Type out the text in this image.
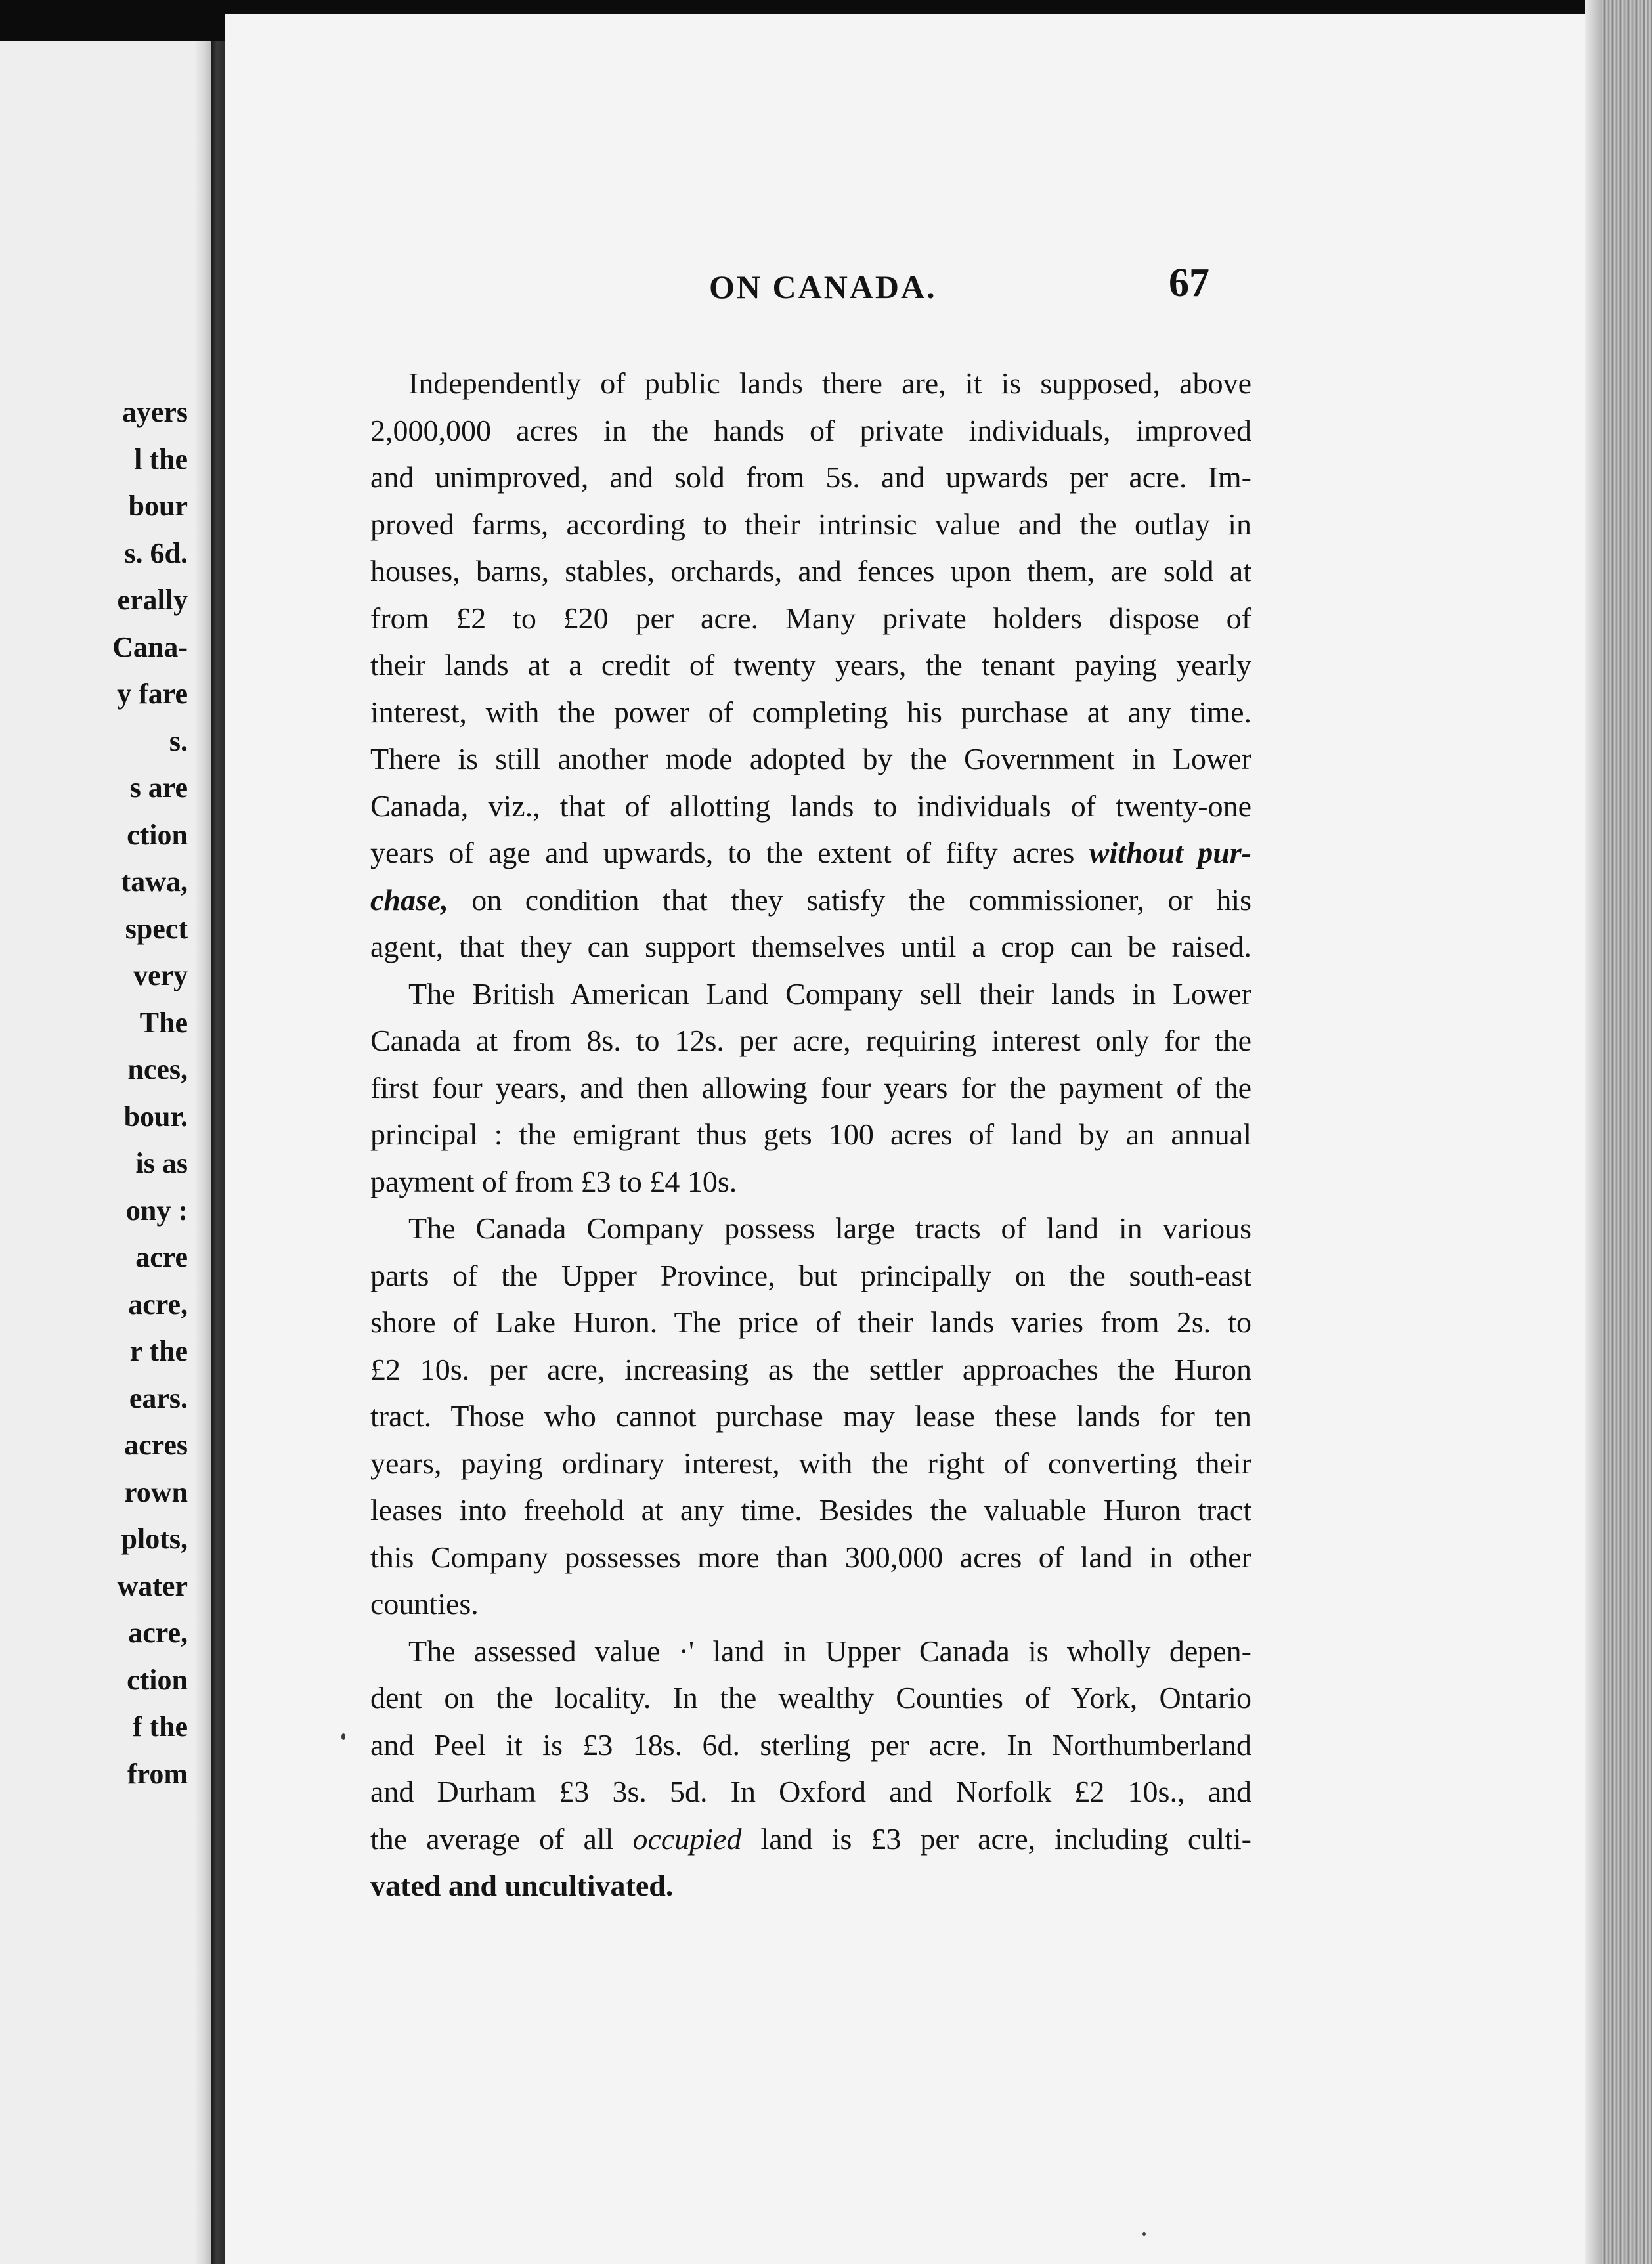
ayers
l the
bour
s. 6d.
erally
Cana-
y fare
s.
s are
ction
tawa,
spect
very
The
nces,
bour.
is as
ony :
acre
acre,
r the
ears.
acres
rown
plots,
water
acre,
ction
f the
from
ON CANADA.	67
Independently of public lands there are, it is supposed, above
2,000,000 acres in the hands of private individuals, improved
and unimproved, and sold from 5s. and upwards per acre. Im-
proved farms, according to their intrinsic value and the outlay in
houses, barns, stables, orchards, and fences upon them, are sold at
from £2 to £20 per acre. Many private holders dispose of
their lands at a credit of twenty years, the tenant paying yearly
interest, with the power of completing his purchase at any time.
There is still another mode adopted by the Government in Lower
Canada, viz., that of allotting lands to individuals of twenty-one
years of age and upwards, to the extent of fifty acres without pur-
chase, on condition that they satisfy the commissioner, or his
agent, that they can support themselves until a crop can be raised.
The British American Land Company sell their lands in Lower
Canada at from 8s. to 12s. per acre, requiring interest only for the
first four years, and then allowing four years for the payment of the
principal : the emigrant thus gets 100 acres of land by an annual
payment of from £3 to £4 10s.
The Canada Company possess large tracts of land in various
parts of the Upper Province, but principally on the south-east
shore of Lake Huron. The price of their lands varies from 2s. to
£2 10s. per acre, increasing as the settler approaches the Huron
tract. Those who cannot purchase may lease these lands for ten
years, paying ordinary interest, with the right of converting their
leases into freehold at any time. Besides the valuable Huron tract
this Company possesses more than 300,000 acres of land in other
counties.
The assessed value ·' land in Upper Canada is wholly depen-
dent on the locality. In the wealthy Counties of York, Ontario
and Peel it is £3 18s. 6d. sterling per acre. In Northumberland
and Durham £3 3s. 5d. In Oxford and Norfolk £2 10s., and
the average of all occupied land is £3 per acre, including culti-
vated and uncultivated.
